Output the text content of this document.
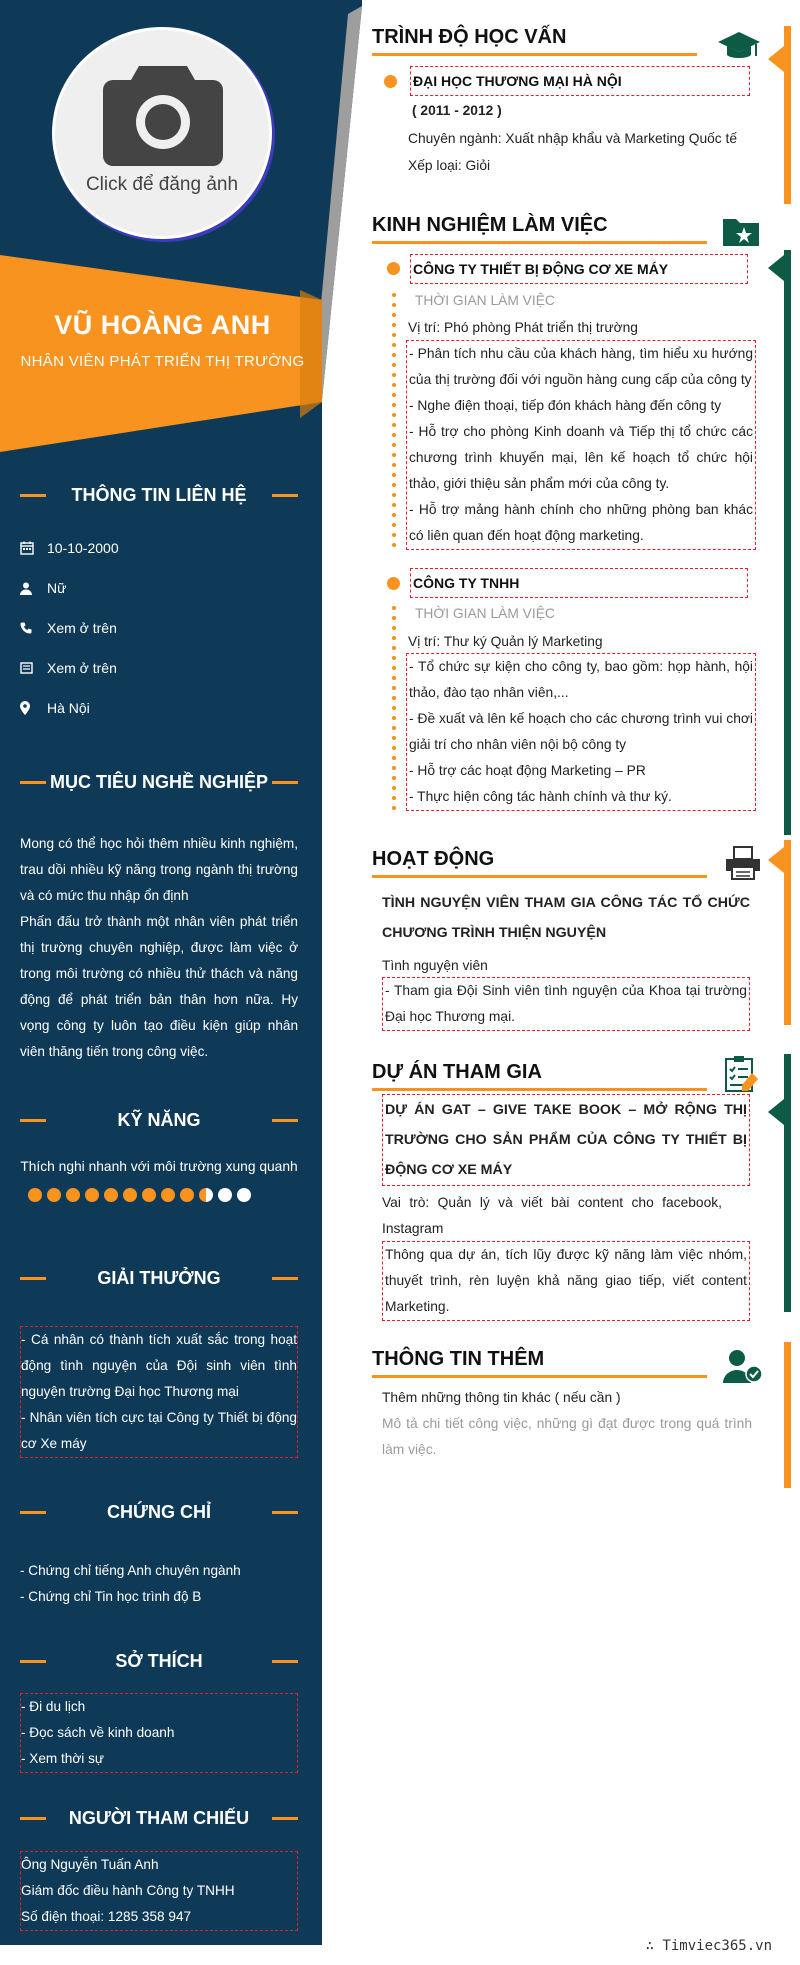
Click để đăng ảnh
VŨ HOÀNG ANH
NHÂN VIÊN PHÁT TRIỂN THỊ TRƯỜNG
THÔNG TIN LIÊN HỆ
10-10-2000
Nữ
Xem ở trên
Xem ở trên
Hà Nội
MỤC TIÊU NGHỀ NGHIỆP
Mong có thể học hỏi thêm nhiều kinh nghiệm, trau dồi nhiều kỹ năng trong ngành thị trường và có mức thu nhập ổn định
Phấn đấu trở thành một nhân viên phát triển thị trường chuyên nghiệp, được làm việc ở trong môi trường có nhiều thử thách và năng động để phát triển bản thân hơn nữa. Hy vọng công ty luôn tạo điều kiện giúp nhân viên thăng tiến trong công việc.
KỸ NĂNG
Thích nghi nhanh với môi trường xung quanh
GIẢI THƯỞNG
- Cá nhân có thành tích xuất sắc trong hoạt động tình nguyện của Đội sinh viên tình nguyện trường Đại học Thương mại
- Nhân viên tích cực tại Công ty Thiết bị động cơ Xe máy
CHỨNG CHỈ
- Chứng chỉ tiếng Anh chuyên ngành
- Chứng chỉ Tin học trình độ B
SỞ THÍCH
- Đi du lịch
- Đọc sách về kinh doanh
- Xem thời sự
NGƯỜI THAM CHIẾU
Ông Nguyễn Tuấn Anh
Giám đốc điều hành Công ty TNHH
Số điện thoại: 1285 358 947
TRÌNH ĐỘ HỌC VẤN
ĐẠI HỌC THƯƠNG MẠI HÀ NỘI
( 2011 - 2012 )
Chuyên ngành: Xuất nhập khẩu và Marketing Quốc tế
Xếp loại: Giỏi
KINH NGHIỆM LÀM VIỆC
CÔNG TY THIẾT BỊ ĐỘNG CƠ XE MÁY
THỜI GIAN LÀM VIỆC
Vị trí: Phó phòng Phát triển thị trường
- Phân tích nhu cầu của khách hàng, tìm hiểu xu hướng của thị trường đối với nguồn hàng cung cấp của công ty
- Nghe điện thoại, tiếp đón khách hàng đến công ty
- Hỗ trợ cho phòng Kinh doanh và Tiếp thị tổ chức các chương trình khuyến mại, lên kế hoạch tổ chức hội thảo, giới thiệu sản phẩm mới của công ty.
- Hỗ trợ mảng hành chính cho những phòng ban khác có liên quan đến hoạt động marketing.
CÔNG TY TNHH
THỜI GIAN LÀM VIỆC
Vị trí: Thư ký Quản lý Marketing
- Tổ chức sự kiện cho công ty, bao gồm: họp hành, hội thảo, đào tạo nhân viên,...
- Đề xuất và lên kế hoạch cho các chương trình vui chơi giải trí cho nhân viên nội bộ công ty
- Hỗ trợ các hoạt động Marketing – PR
- Thực hiện công tác hành chính và thư ký.
HOẠT ĐỘNG
TÌNH NGUYỆN VIÊN THAM GIA CÔNG TÁC TỔ CHỨC CHƯƠNG TRÌNH THIỆN NGUYỆN
Tình nguyện viên
- Tham gia Đội Sinh viên tình nguyện của Khoa tại trường Đại học Thương mại.
DỰ ÁN THAM GIA
DỰ ÁN GAT – GIVE TAKE BOOK – MỞ RỘNG THỊ TRƯỜNG CHO SẢN PHẨM CỦA CÔNG TY THIẾT BỊ ĐỘNG CƠ XE MÁY
Vai trò: Quản lý và viết bài content cho facebook, Instagram
Thông qua dự án, tích lũy được kỹ năng làm việc nhóm, thuyết trình, rèn luyện khả năng giao tiếp, viết content Marketing.
THÔNG TIN THÊM
Thêm những thông tin khác ( nếu cần )
Mô tả chi tiết công việc, những gì đạt được trong quá trình làm việc.
∴ Timviec365.vn
